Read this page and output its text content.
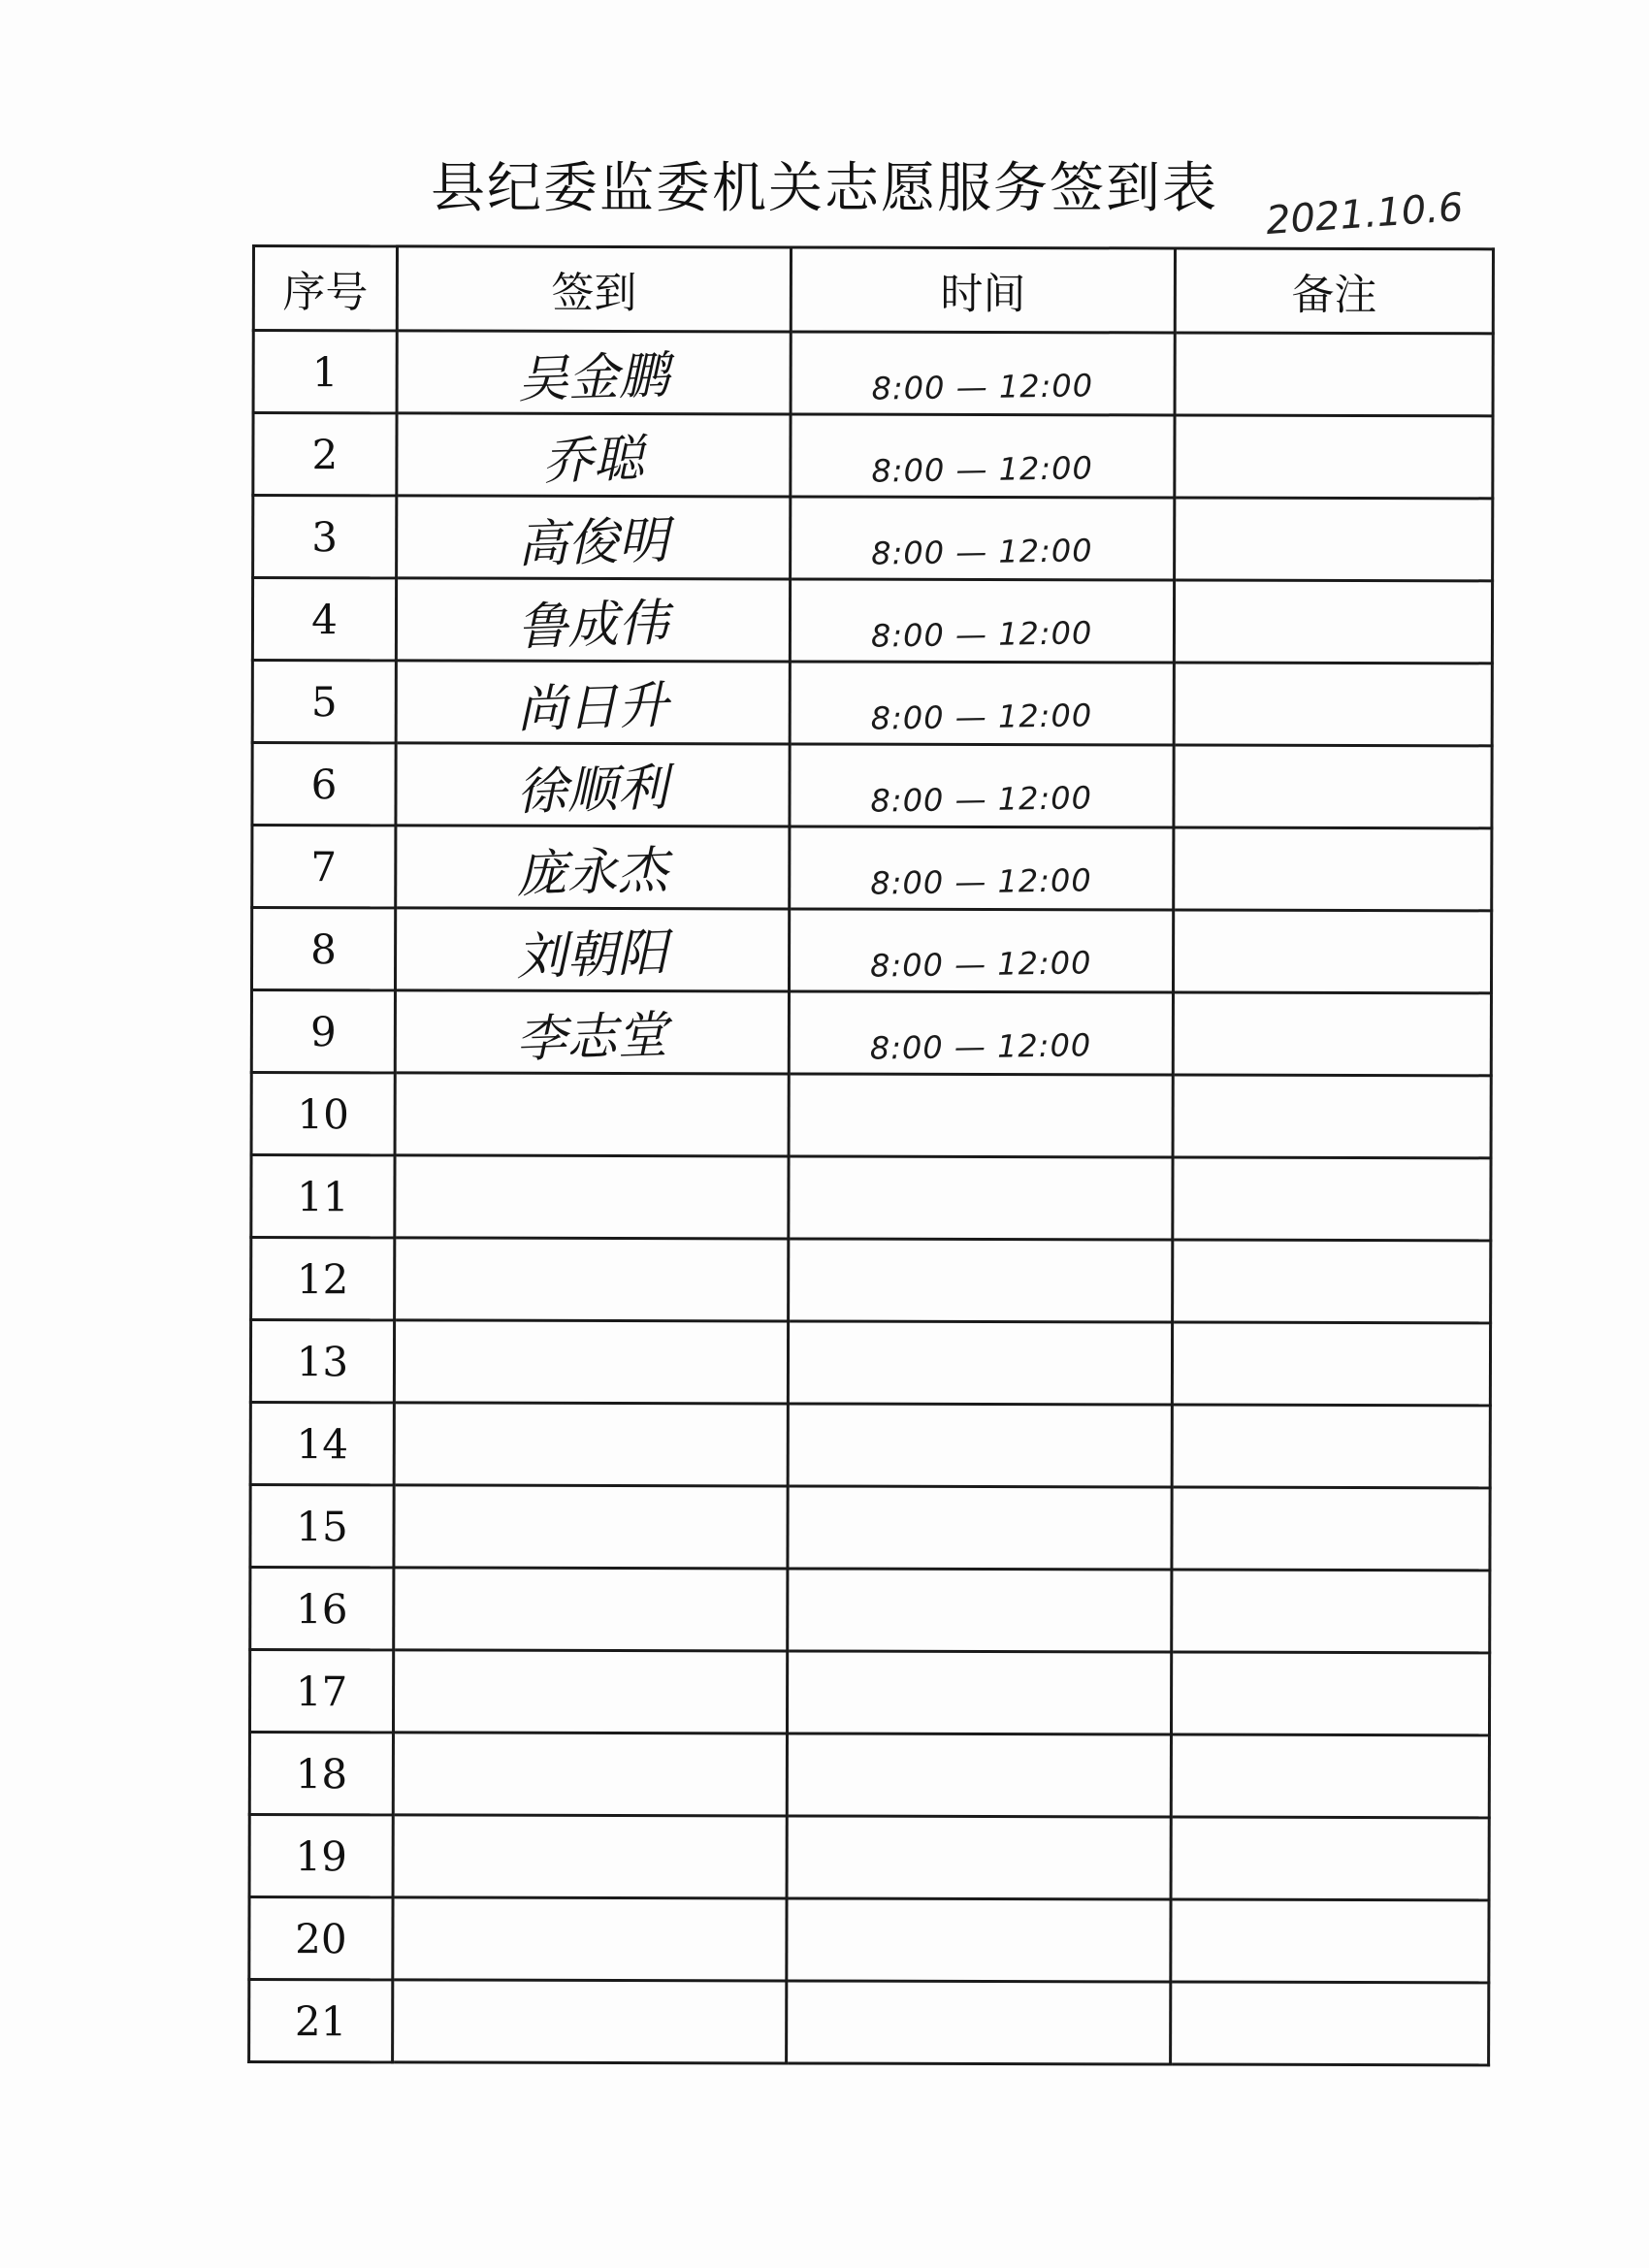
县纪委监委机关志愿服务签到表	2021.10.6
序号	签到	时间	备注
1	吴金鹏	8:00 — 12:00	
2	乔聪	8:00 — 12:00	
3	高俊明	8:00 — 12:00	
4	鲁成伟	8:00 — 12:00	
5	尚日升	8:00 — 12:00	
6	徐顺利	8:00 — 12:00	
7	庞永杰	8:00 — 12:00	
8	刘朝阳	8:00 — 12:00	
9	李志堂	8:00 — 12:00	
10			
11			
12			
13			
14			
15			
16			
17			
18			
19			
20			
21			
